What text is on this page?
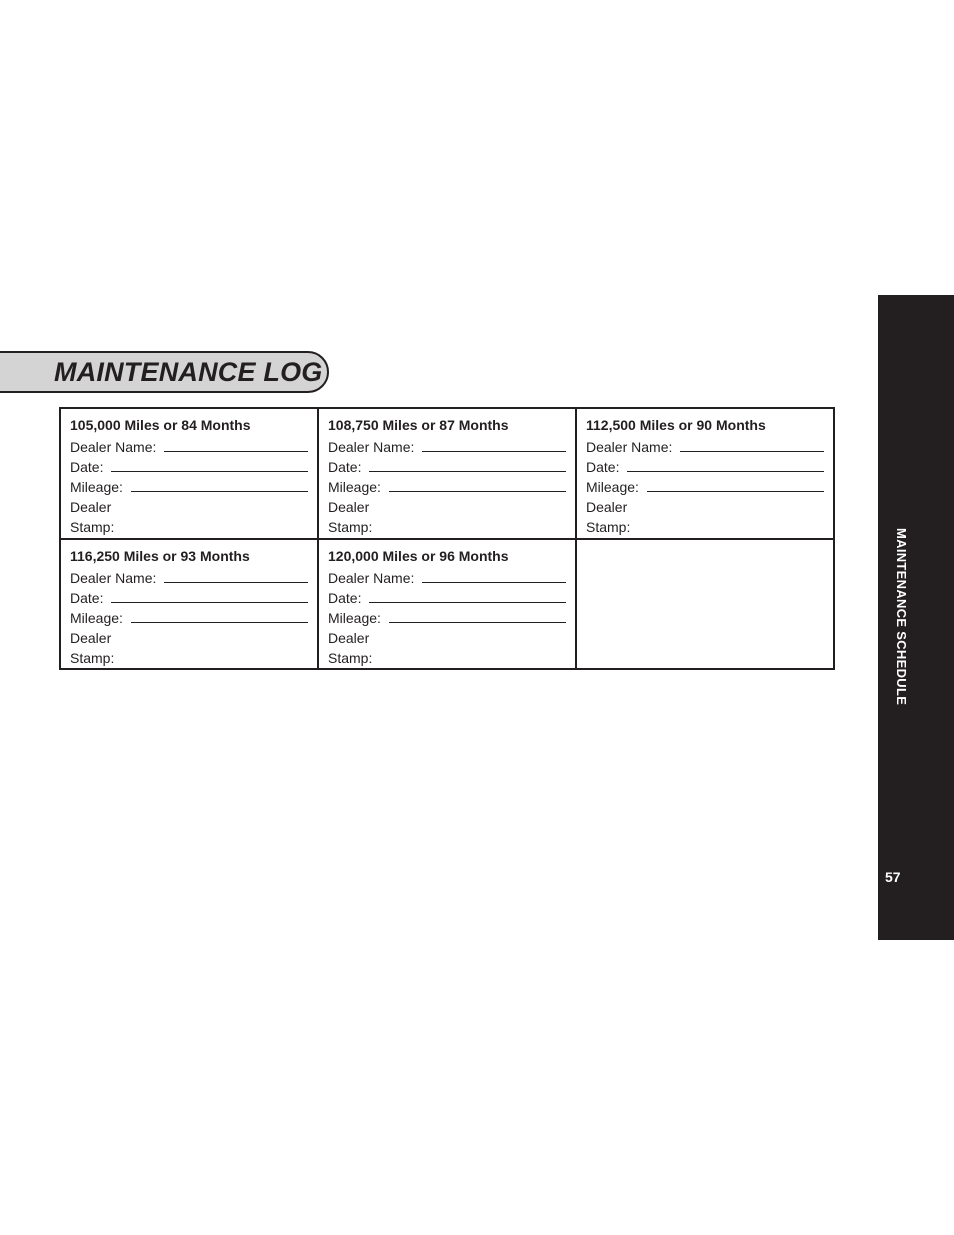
MAINTENANCE LOG
105,000 Miles or 84 Months
Dealer Name:
Date:
Mileage:
Dealer
Stamp:
108,750 Miles or 87 Months
Dealer Name:
Date:
Mileage:
Dealer
Stamp:
112,500 Miles or 90 Months
Dealer Name:
Date:
Mileage:
Dealer
Stamp:
116,250 Miles or 93 Months
Dealer Name:
Date:
Mileage:
Dealer
Stamp:
120,000 Miles or 96 Months
Dealer Name:
Date:
Mileage:
Dealer
Stamp:	MAINTENANCE SCHEDULE
57
